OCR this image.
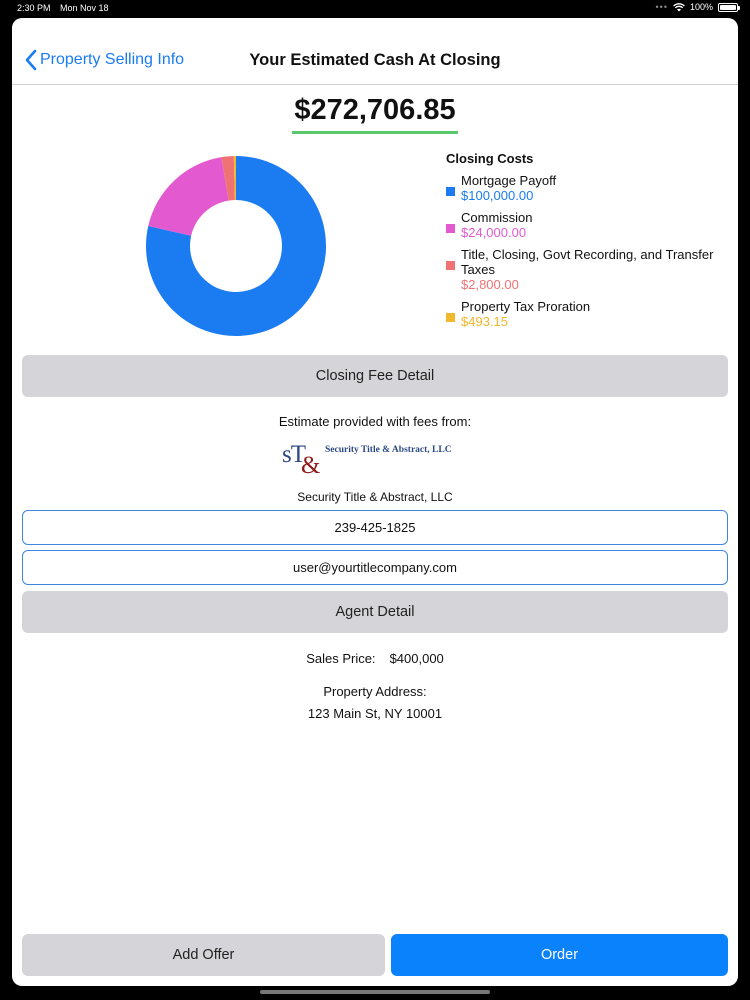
2:30 PM Mon Nov 18	••• 100%
Property Selling Info	Your Estimated Cash At Closing
$272,706.85
Closing Costs
Mortgage Payoff
$100,000.00
Commission
$24,000.00
Title, Closing, Govt Recording, and Transfer Taxes
$2,800.00
Property Tax Proration
$493.15
Closing Fee Detail
Estimate provided with fees from:
sT
&
Security Title & Abstract, LLC
Security Title & Abstract, LLC
239-425-1825
user@yourtitlecompany.com
Agent Detail
Sales Price: $400,000
Property Address:
123 Main St, NY 10001
Add Offer	Order
